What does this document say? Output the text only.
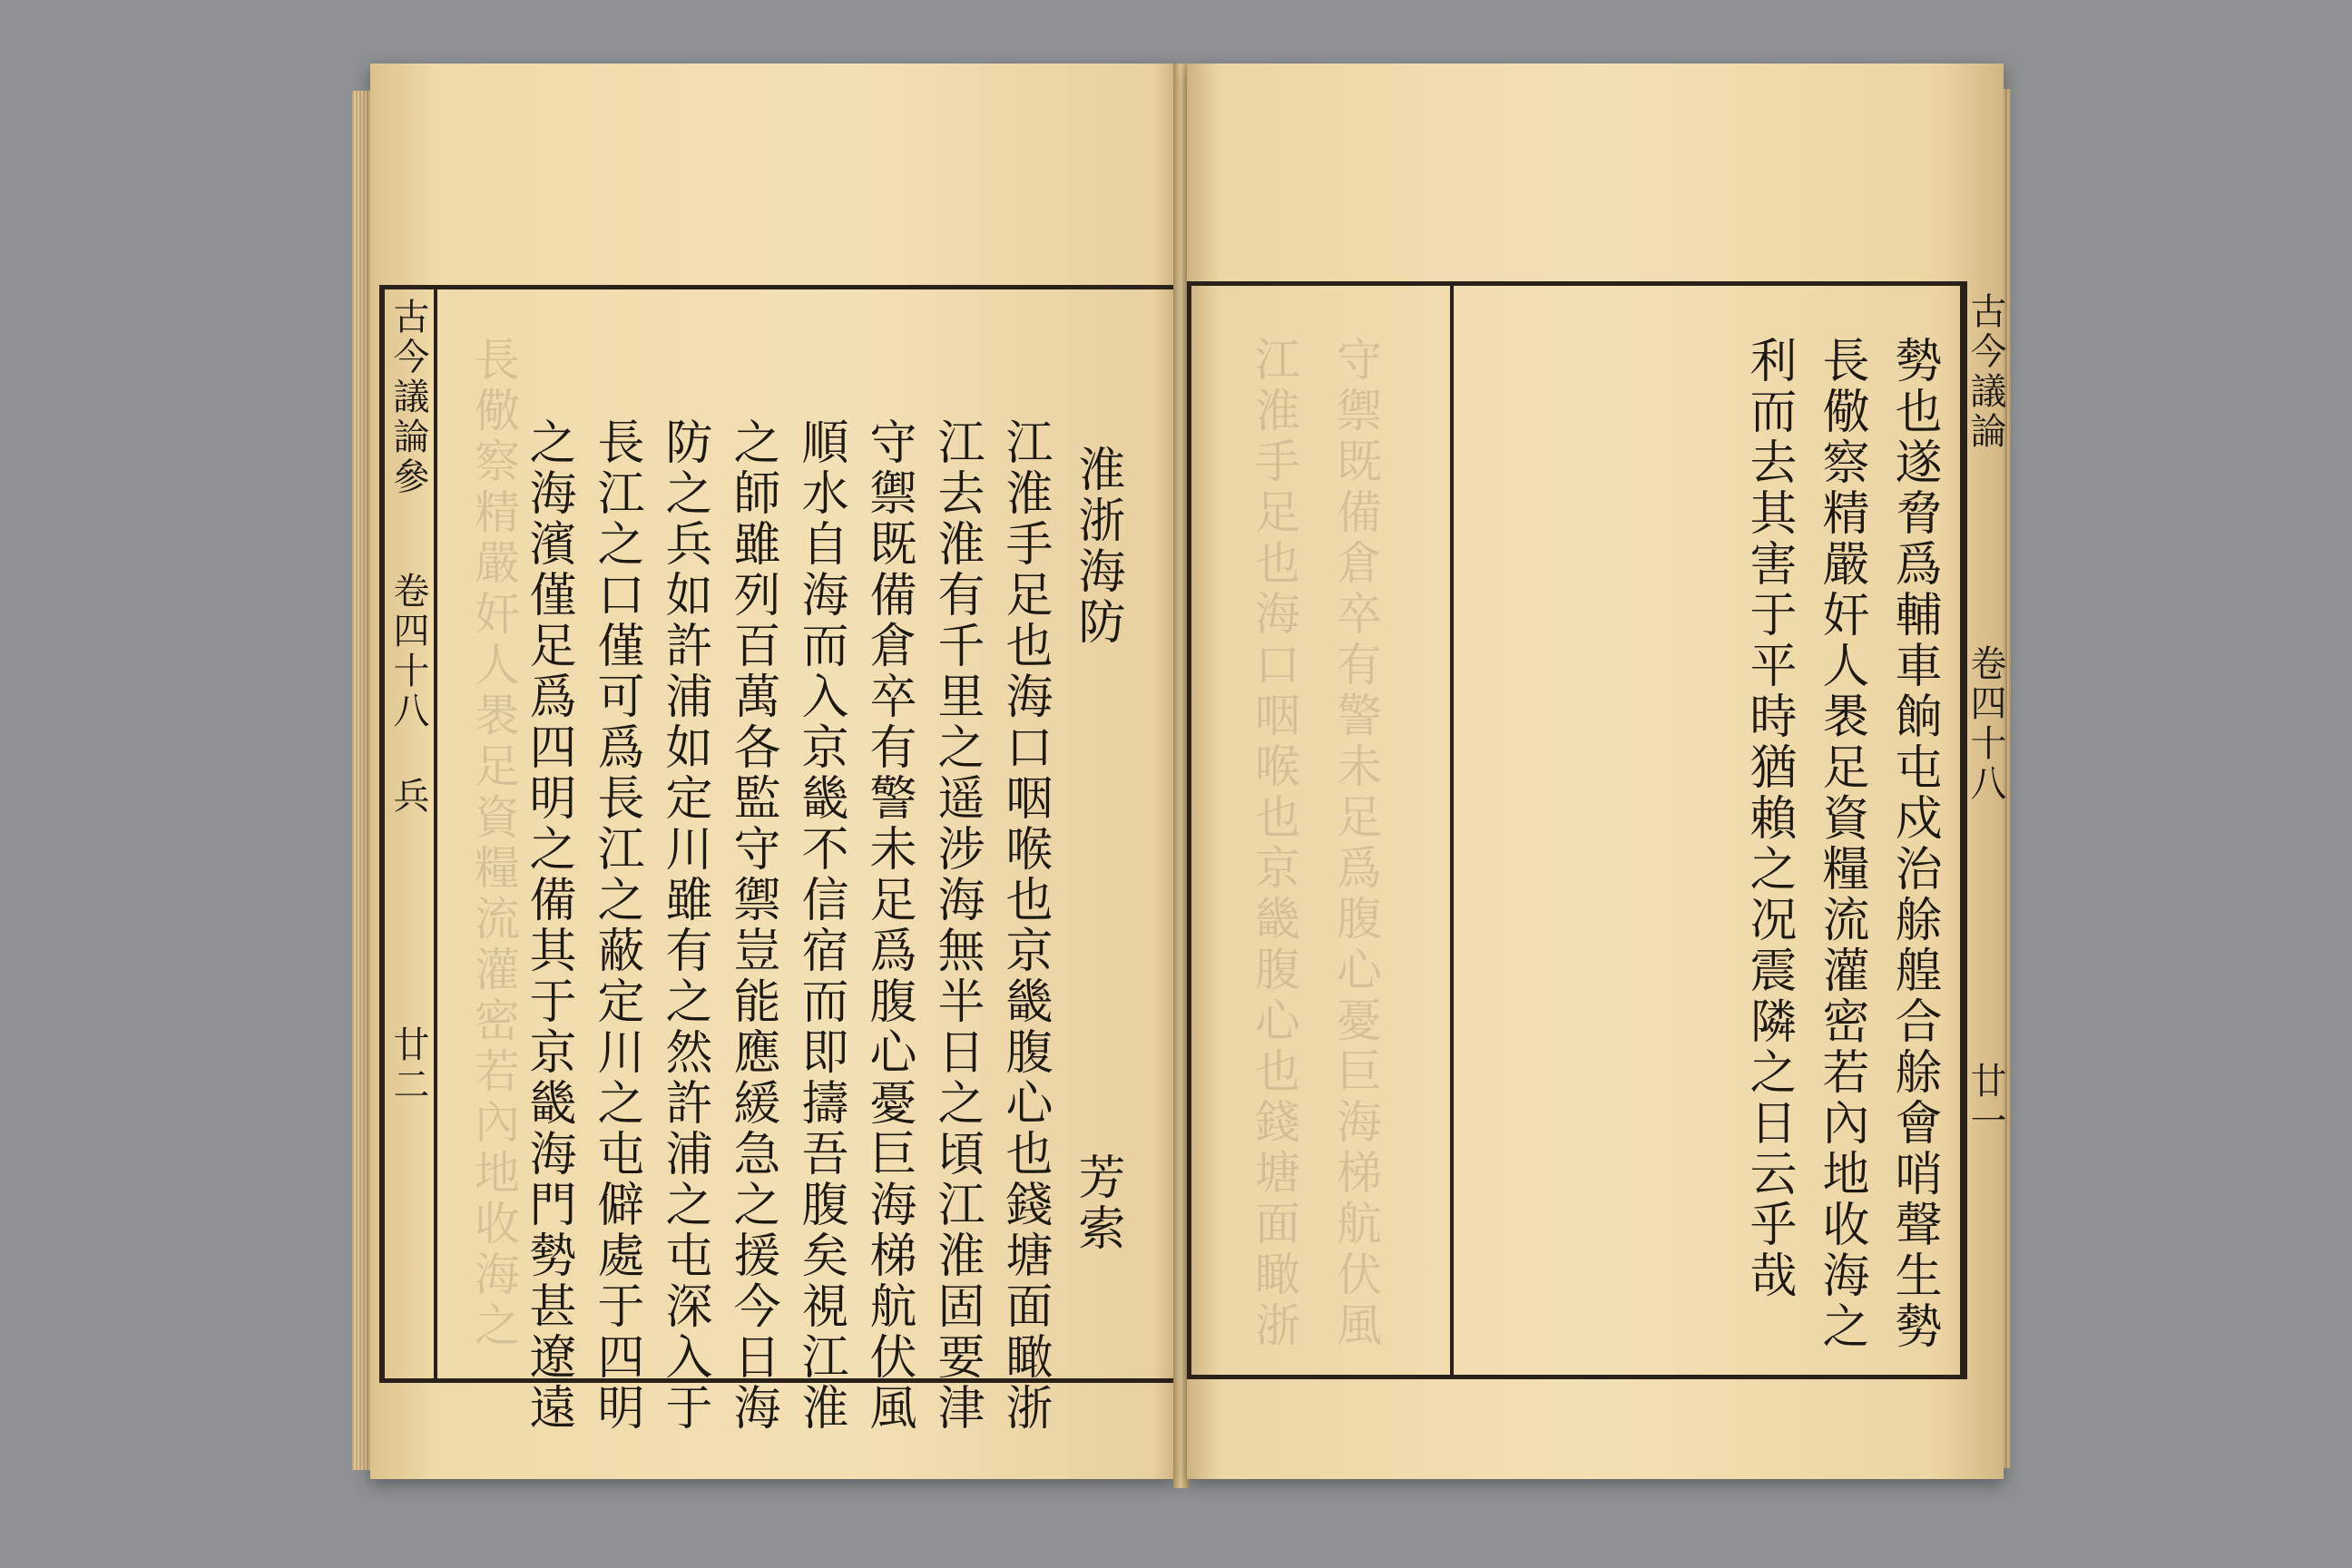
古今議論參
卷四十八 兵
廿二 長儆察精嚴奸人褁足資糧流灌密若內地收海之	淮浙海防
芳索
江淮手足也海口咽喉也京畿腹心也錢塘面瞰浙
江去淮有千里之遥涉海無半日之頃江淮固要津
守禦既備倉卒有警未足爲腹心憂巨海梯航伏風
順水自海而入京畿不信宿而即擣吾腹矣視江淮
之師雖列百萬各監守禦豈能應緩急之援今日海
防之兵如許浦如定川雖有之然許浦之屯深入于
長江之口僅可爲長江之蔽定川之屯僻處于四明
之海濱僅足爲四明之備其于京畿海門勢甚遼遠	江淮手足也海口咽喉也京畿腹心也錢塘面瞰浙 守禦既備倉卒有警未足爲腹心憂巨海梯航伏風	古今議論
卷四十八
廿一
勢也遂脅爲輔車餉屯戍治艅艎合艅會哨聲生勢
長儆察精嚴奸人褁足資糧流灌密若內地收海之
利而去其害于平時猶賴之况震隣之日云乎哉
